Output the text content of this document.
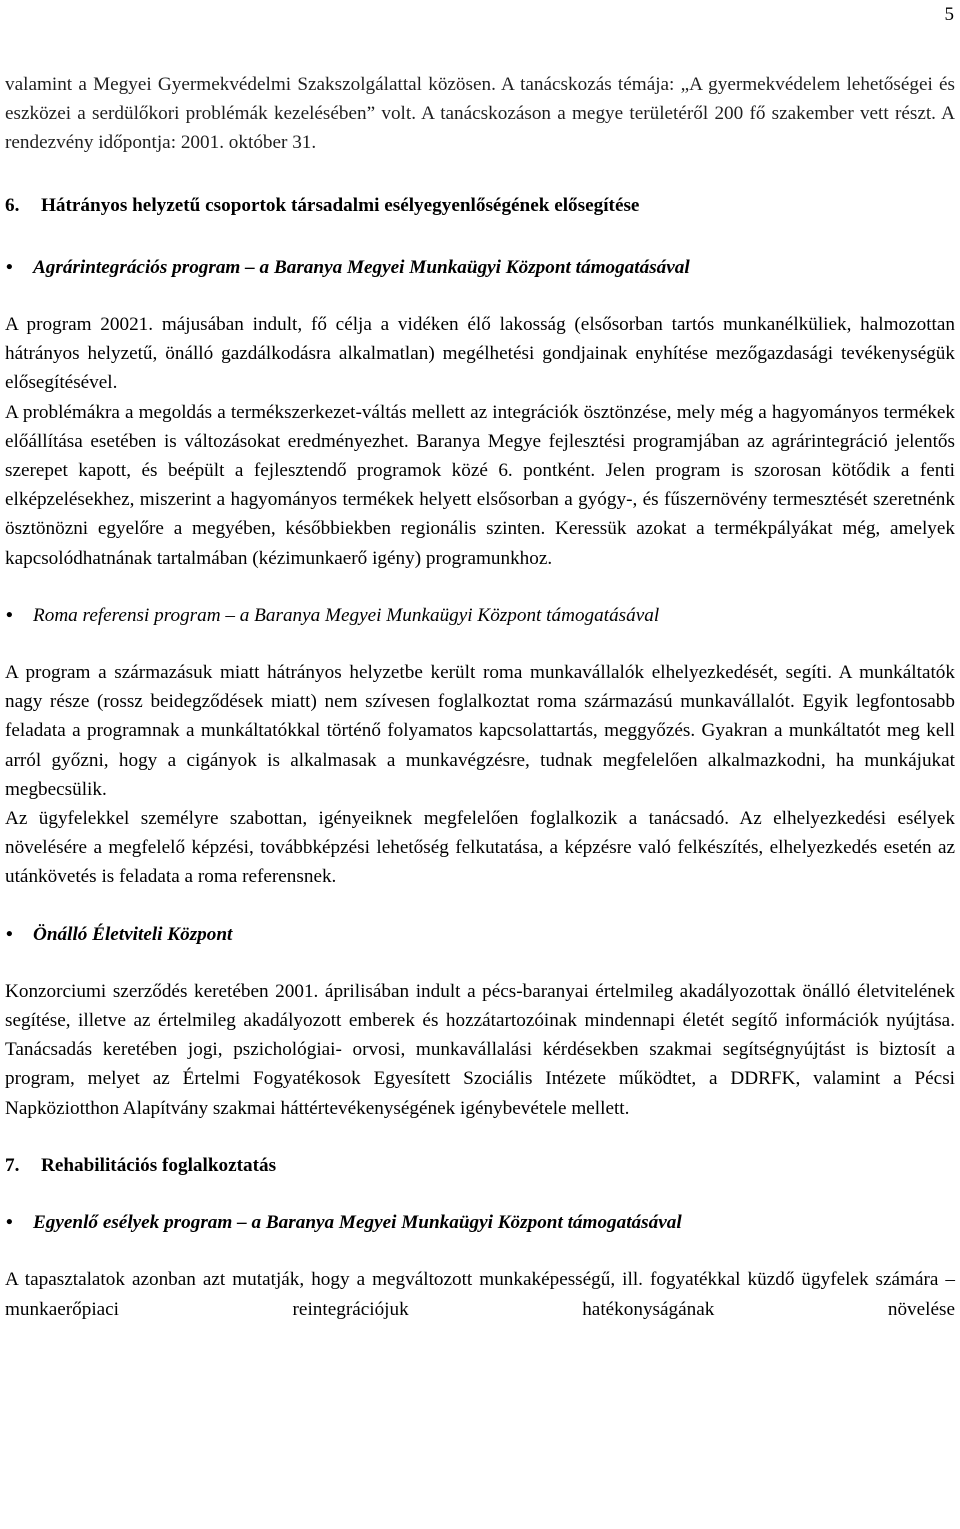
5

valamint a Megyei Gyermekvédelmi Szakszolgálattal közösen. A tanácskozás témája: „A gyermekvédelem lehetőségei és eszközei a serdülőkori problémák kezelésében” volt. A tanácskozáson a megye területéről 200 fő szakember vett részt. A rendezvény időpontja: 2001. október 31.

6. Hátrányos helyzetű csoportok társadalmi esélyegyenlőségének elősegítése

• Agrárintegrációs program – a Baranya Megyei Munkaügyi Központ támogatásával

A program 20021. májusában indult, fő célja a vidéken élő lakosság (elsősorban tartós munkanélküliek, halmozottan hátrányos helyzetű, önálló gazdálkodásra alkalmatlan) megélhetési gondjainak enyhítése mezőgazdasági tevékenységük elősegítésével.

A problémákra a megoldás a termékszerkezet-váltás mellett az integrációk ösztönzése, mely még a hagyományos termékek előállítása esetében is változásokat eredményezhet. Baranya Megye fejlesztési programjában az agrárintegráció jelentős szerepet kapott, és beépült a fejlesztendő programok közé 6. pontként. Jelen program is szorosan kötődik a fenti elképzelésekhez, miszerint a hagyományos termékek helyett elsősorban a gyógy-, és fűszernövény termesztését szeretnénk ösztönözni egyelőre a megyében, későbbiekben regionális szinten. Keressük azokat a termékpályákat még, amelyek kapcsolódhatnának tartalmában (kézimunkaerő igény) programunkhoz.

• Roma referensi program – a Baranya Megyei Munkaügyi Központ támogatásával

A program a származásuk miatt hátrányos helyzetbe került roma munkavállalók elhelyezkedését, segíti. A munkáltatók nagy része (rossz beidegződések miatt) nem szívesen foglalkoztat roma származású munkavállalót. Egyik legfontosabb feladata a programnak a munkáltatókkal történő folyamatos kapcsolattartás, meggyőzés. Gyakran a munkáltatót meg kell arról győzni, hogy a cigányok is alkalmasak a munkavégzésre, tudnak megfelelően alkalmazkodni, ha munkájukat megbecsülik.

Az ügyfelekkel személyre szabottan, igényeiknek megfelelően foglalkozik a tanácsadó. Az elhelyezkedési esélyek növelésére a megfelelő képzési, továbbképzési lehetőség felkutatása, a képzésre való felkészítés, elhelyezkedés esetén az utánkövetés is feladata a roma referensnek.

• Önálló Életviteli Központ

Konzorciumi szerződés keretében 2001. áprilisában indult a pécs-baranyai értelmileg akadályozottak önálló életvitelének segítése, illetve az értelmileg akadályozott emberek és hozzátartozóinak mindennapi életét segítő információk nyújtása. Tanácsadás keretében jogi, pszichológiai- orvosi, munkavállalási kérdésekben szakmai segítségnyújtást is biztosít a program, melyet az Értelmi Fogyatékosok Egyesített Szociális Intézete működtet, a DDRFK, valamint a Pécsi Napköziotthon Alapítvány szakmai háttértevékenységének igénybevétele mellett.

7. Rehabilitációs foglalkoztatás

• Egyenlő esélyek program – a Baranya Megyei Munkaügyi Központ támogatásával

A tapasztalatok azonban azt mutatják, hogy a megváltozott munkaképességű, ill. fogyatékkal küzdő ügyfelek számára – munkaerőpiaci reintegrációjuk hatékonyságának növelése
